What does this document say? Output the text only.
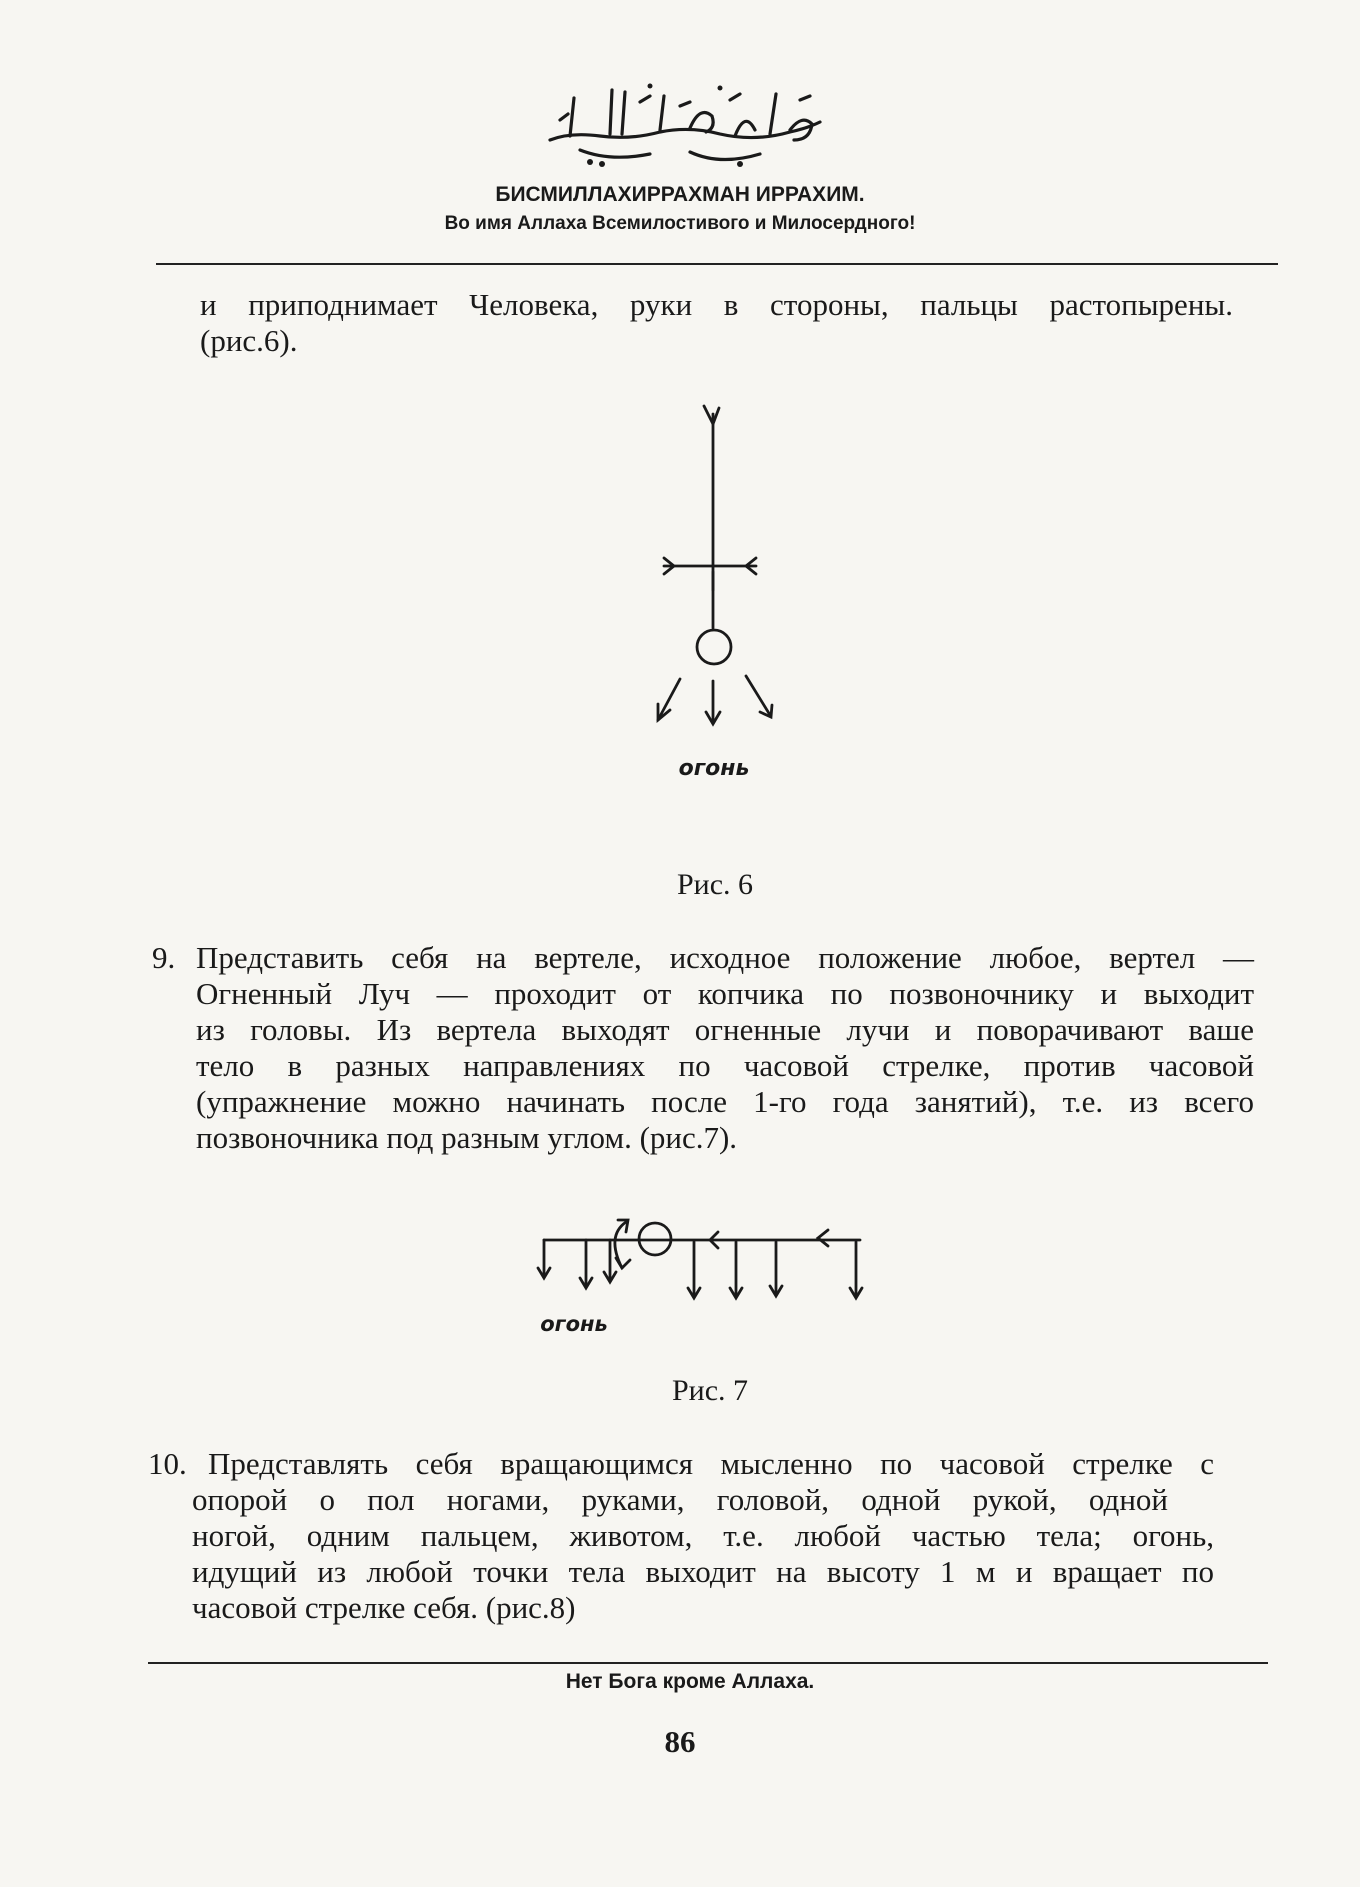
БИСМИЛЛАХИРРАХМАН ИРРАХИМ.
Во имя Аллаха Всемилостивого и Милосердного!
и приподнимает Человека, руки в стороны, пальцы растопырены.
(рис.6).
огонь
Рис. 6
9. Представить себя на вертеле, исходное положение любое, вертел —
Огненный Луч — проходит от копчика по позвоночнику и выходит
из головы. Из вертела выходят огненные лучи и поворачивают ваше
тело в разных направлениях по часовой стрелке, против часовой
(упражнение можно начинать после 1-го года занятий), т.е. из всего
позвоночника под разным углом. (рис.7).
огонь
Рис. 7
10. Представлять себя вращающимся мысленно по часовой стрелке с
опорой о пол ногами, руками, головой, одной рукой, одной
ногой, одним пальцем, животом, т.е. любой частью тела; огонь,
идущий из любой точки тела выходит на высоту 1 м и вращает по
часовой стрелке себя. (рис.8)
Нет Бога кроме Аллаха.
86
